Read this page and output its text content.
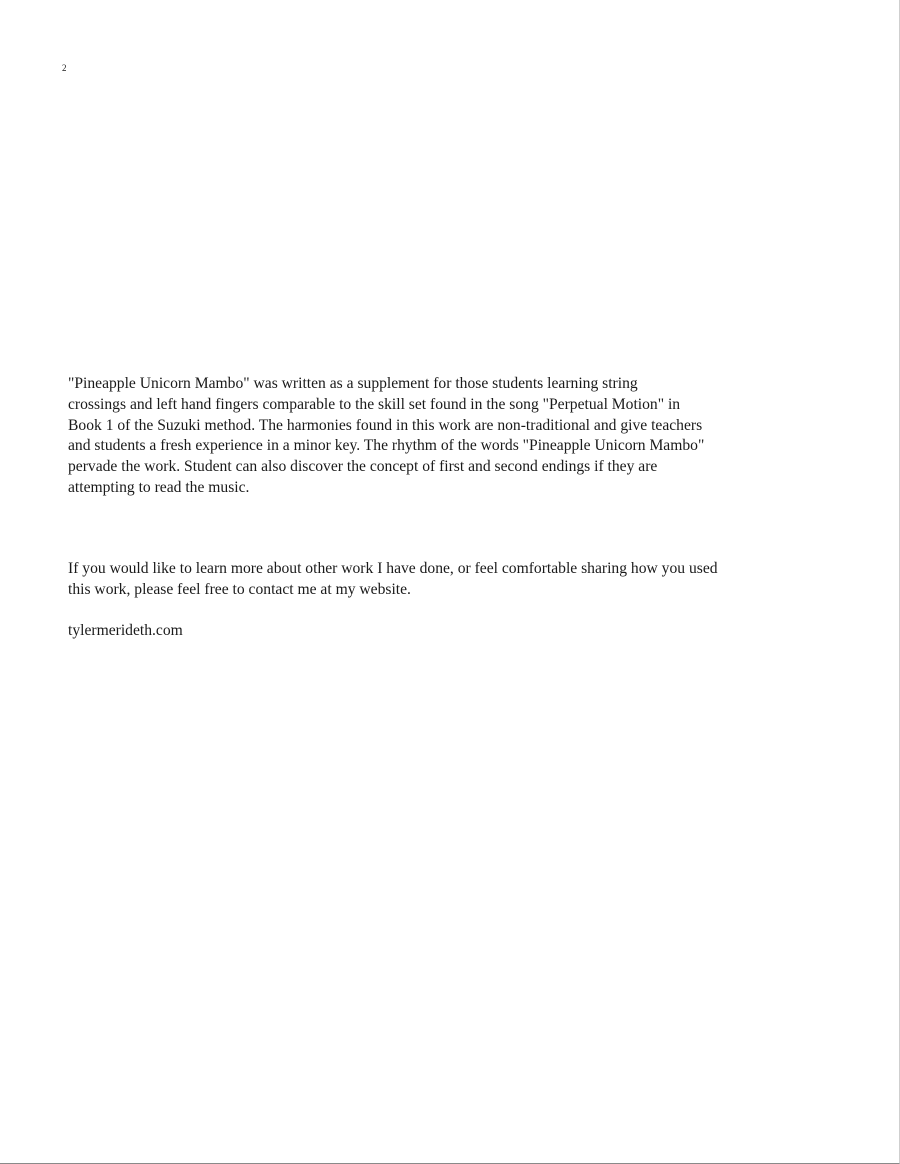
2
"Pineapple Unicorn Mambo" was written as a supplement for those students learning string
crossings and left hand fingers comparable to the skill set found in the song "Perpetual Motion" in
Book 1 of the Suzuki method. The harmonies found in this work are non-traditional and give teachers
and students a fresh experience in a minor key. The rhythm of the words "Pineapple Unicorn Mambo"
pervade the work. Student can also discover the concept of first and second endings if they are
attempting to read the music.
If you would like to learn more about other work I have done, or feel comfortable sharing how you used
this work, please feel free to contact me at my website.
tylermerideth.com
